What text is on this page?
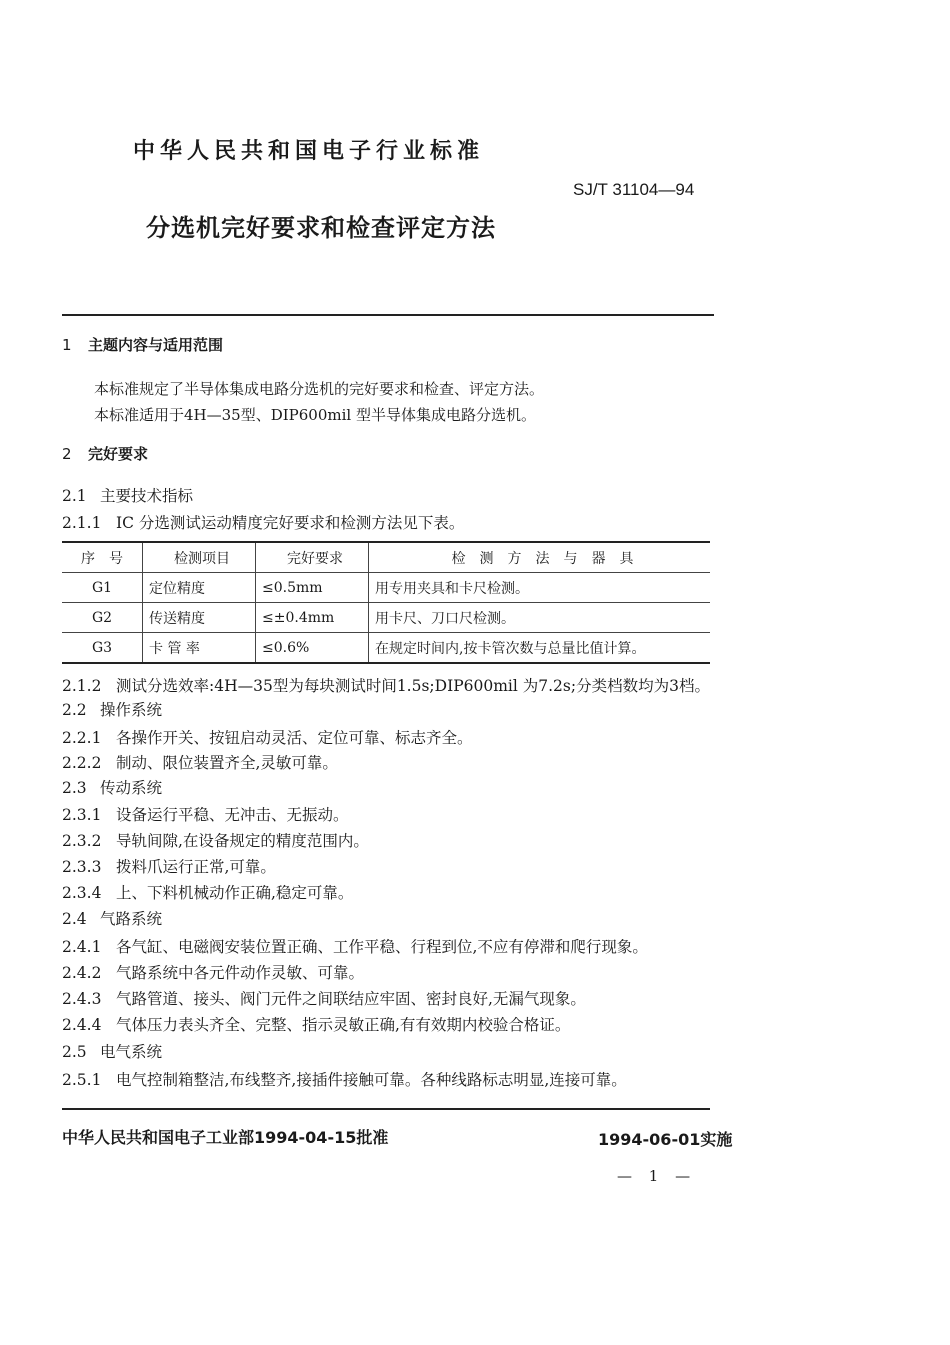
中华人民共和国电子行业标准
SJ/T 31104—94
分选机完好要求和检查评定方法
1 主题内容与适用范围
本标准规定了半导体集成电路分选机的完好要求和检查、评定方法。
本标准适用于4H—35型、DIP600mil 型半导体集成电路分选机。
2 完好要求
2.1 主要技术指标
2.1.1 IC 分选测试运动精度完好要求和检测方法见下表。
序　号	检测项目	完好要求	检　测　方　法　与　器　具
G1	定位精度	≤0.5mm	用专用夹具和卡尺检测。
G2	传送精度	≤±0.4mm	用卡尺、刀口尺检测。
G3	卡 管 率	≤0.6%	在规定时间内,按卡管次数与总量比值计算。
2.1.2 测试分选效率:4H—35型为每块测试时间1.5s;DIP600mil 为7.2s;分类档数均为3档。
2.2 操作系统
2.2.1 各操作开关、按钮启动灵活、定位可靠、标志齐全。
2.2.2 制动、限位装置齐全,灵敏可靠。
2.3 传动系统
2.3.1 设备运行平稳、无冲击、无振动。
2.3.2 导轨间隙,在设备规定的精度范围内。
2.3.3 拨料爪运行正常,可靠。
2.3.4 上、下料机械动作正确,稳定可靠。
2.4 气路系统
2.4.1 各气缸、电磁阀安装位置正确、工作平稳、行程到位,不应有停滞和爬行现象。
2.4.2 气路系统中各元件动作灵敏、可靠。
2.4.3 气路管道、接头、阀门元件之间联结应牢固、密封良好,无漏气现象。
2.4.4 气体压力表头齐全、完整、指示灵敏正确,有有效期内校验合格证。
2.5 电气系统
2.5.1 电气控制箱整洁,布线整齐,接插件接触可靠。各种线路标志明显,连接可靠。
中华人民共和国电子工业部1994-04-15批准	1994-06-01实施
— 1 —
